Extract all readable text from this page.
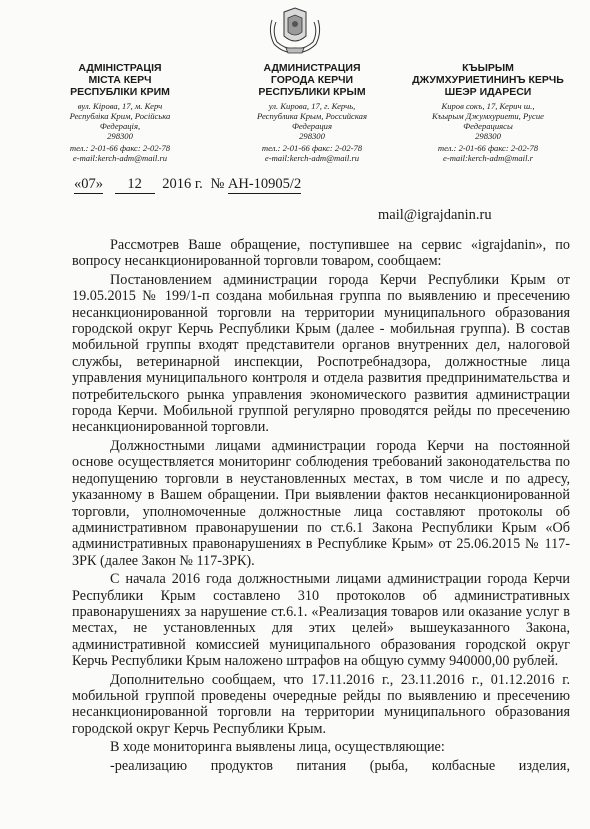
АДМІНІСТРАЦІЯ
МІСТА КЕРЧ
РЕСПУБЛІКИ КРИМ
вул. Кірова, 17, м. Керч
Республіка Крим, Російська Федерація,
298300
тел.: 2-01-66 факс: 2-02-78
e-mail:kerch-adm@mail.ru
АДМИНИСТРАЦИЯ
ГОРОДА КЕРЧИ
РЕСПУБЛИКИ КРЫМ
ул. Кирова, 17, г. Керчь,
Республика Крым, Российская Федерация
298300
тел.: 2-01-66 факс: 2-02-78
e-mail:kerch-adm@mail.ru
КЪЫРЫМ
ДЖУМХУРИЕТИНИНЪ КЕРЧЬ
ШЕЭР ИДАРЕСИ
Киров сокъ, 17, Керич ш.,
Къырым Джумхуриети, Русие Федерациясы
298300
тел.: 2-01-66 факс: 2-02-78
e-mail:kerch-adm@mail.r
«07» 12 2016 г. № АН-10905/2
mail@igrajdanin.ru

Рассмотрев Ваше обращение, поступившее на сервис «igrajdanin», по вопросу несанкционированной торговли товаром, сообщаем:

Постановлением администрации города Керчи Республики Крым от 19.05.2015 № 199/1-п создана мобильная группа по выявлению и пресечению несанкционированной торговли на территории муниципального образования городской округ Керчь Республики Крым (далее - мобильная группа). В состав мобильной группы входят представители органов внутренних дел, налоговой службы, ветеринарной инспекции, Роспотребнадзора, должностные лица управления муниципального контроля и отдела развития предпринимательства и потребительского рынка управления экономического развития администрации города Керчи. Мобильной группой регулярно проводятся рейды по пресечению несанкционированной торговли.

Должностными лицами администрации города Керчи на постоянной основе осуществляется мониторинг соблюдения требований законодательства по недопущению торговли в неустановленных местах, в том числе и по адресу, указанному в Вашем обращении. При выявлении фактов несанкционированной торговли, уполномоченные должностные лица составляют протоколы об административном правонарушении по ст.6.1 Закона Республики Крым «Об административных правонарушениях в Республике Крым» от 25.06.2015 № 117-ЗРК (далее Закон № 117-ЗРК).

С начала 2016 года должностными лицами администрации города Керчи Республики Крым составлено 310 протоколов об административных правонарушениях за нарушение ст.6.1. «Реализация товаров или оказание услуг в местах, не установленных для этих целей» вышеуказанного Закона, административной комиссией муниципального образования городской округ Керчь Республики Крым наложено штрафов на общую сумму 940000,00 рублей.

Дополнительно сообщаем, что 17.11.2016 г., 23.11.2016 г., 01.12.2016 г. мобильной группой проведены очередные рейды по выявлению и пресечению несанкционированной торговли на территории муниципального образования городской округ Керчь Республики Крым.

В ходе мониторинга выявлены лица, осуществляющие:

-реализацию продуктов питания (рыба, колбасные изделия,
